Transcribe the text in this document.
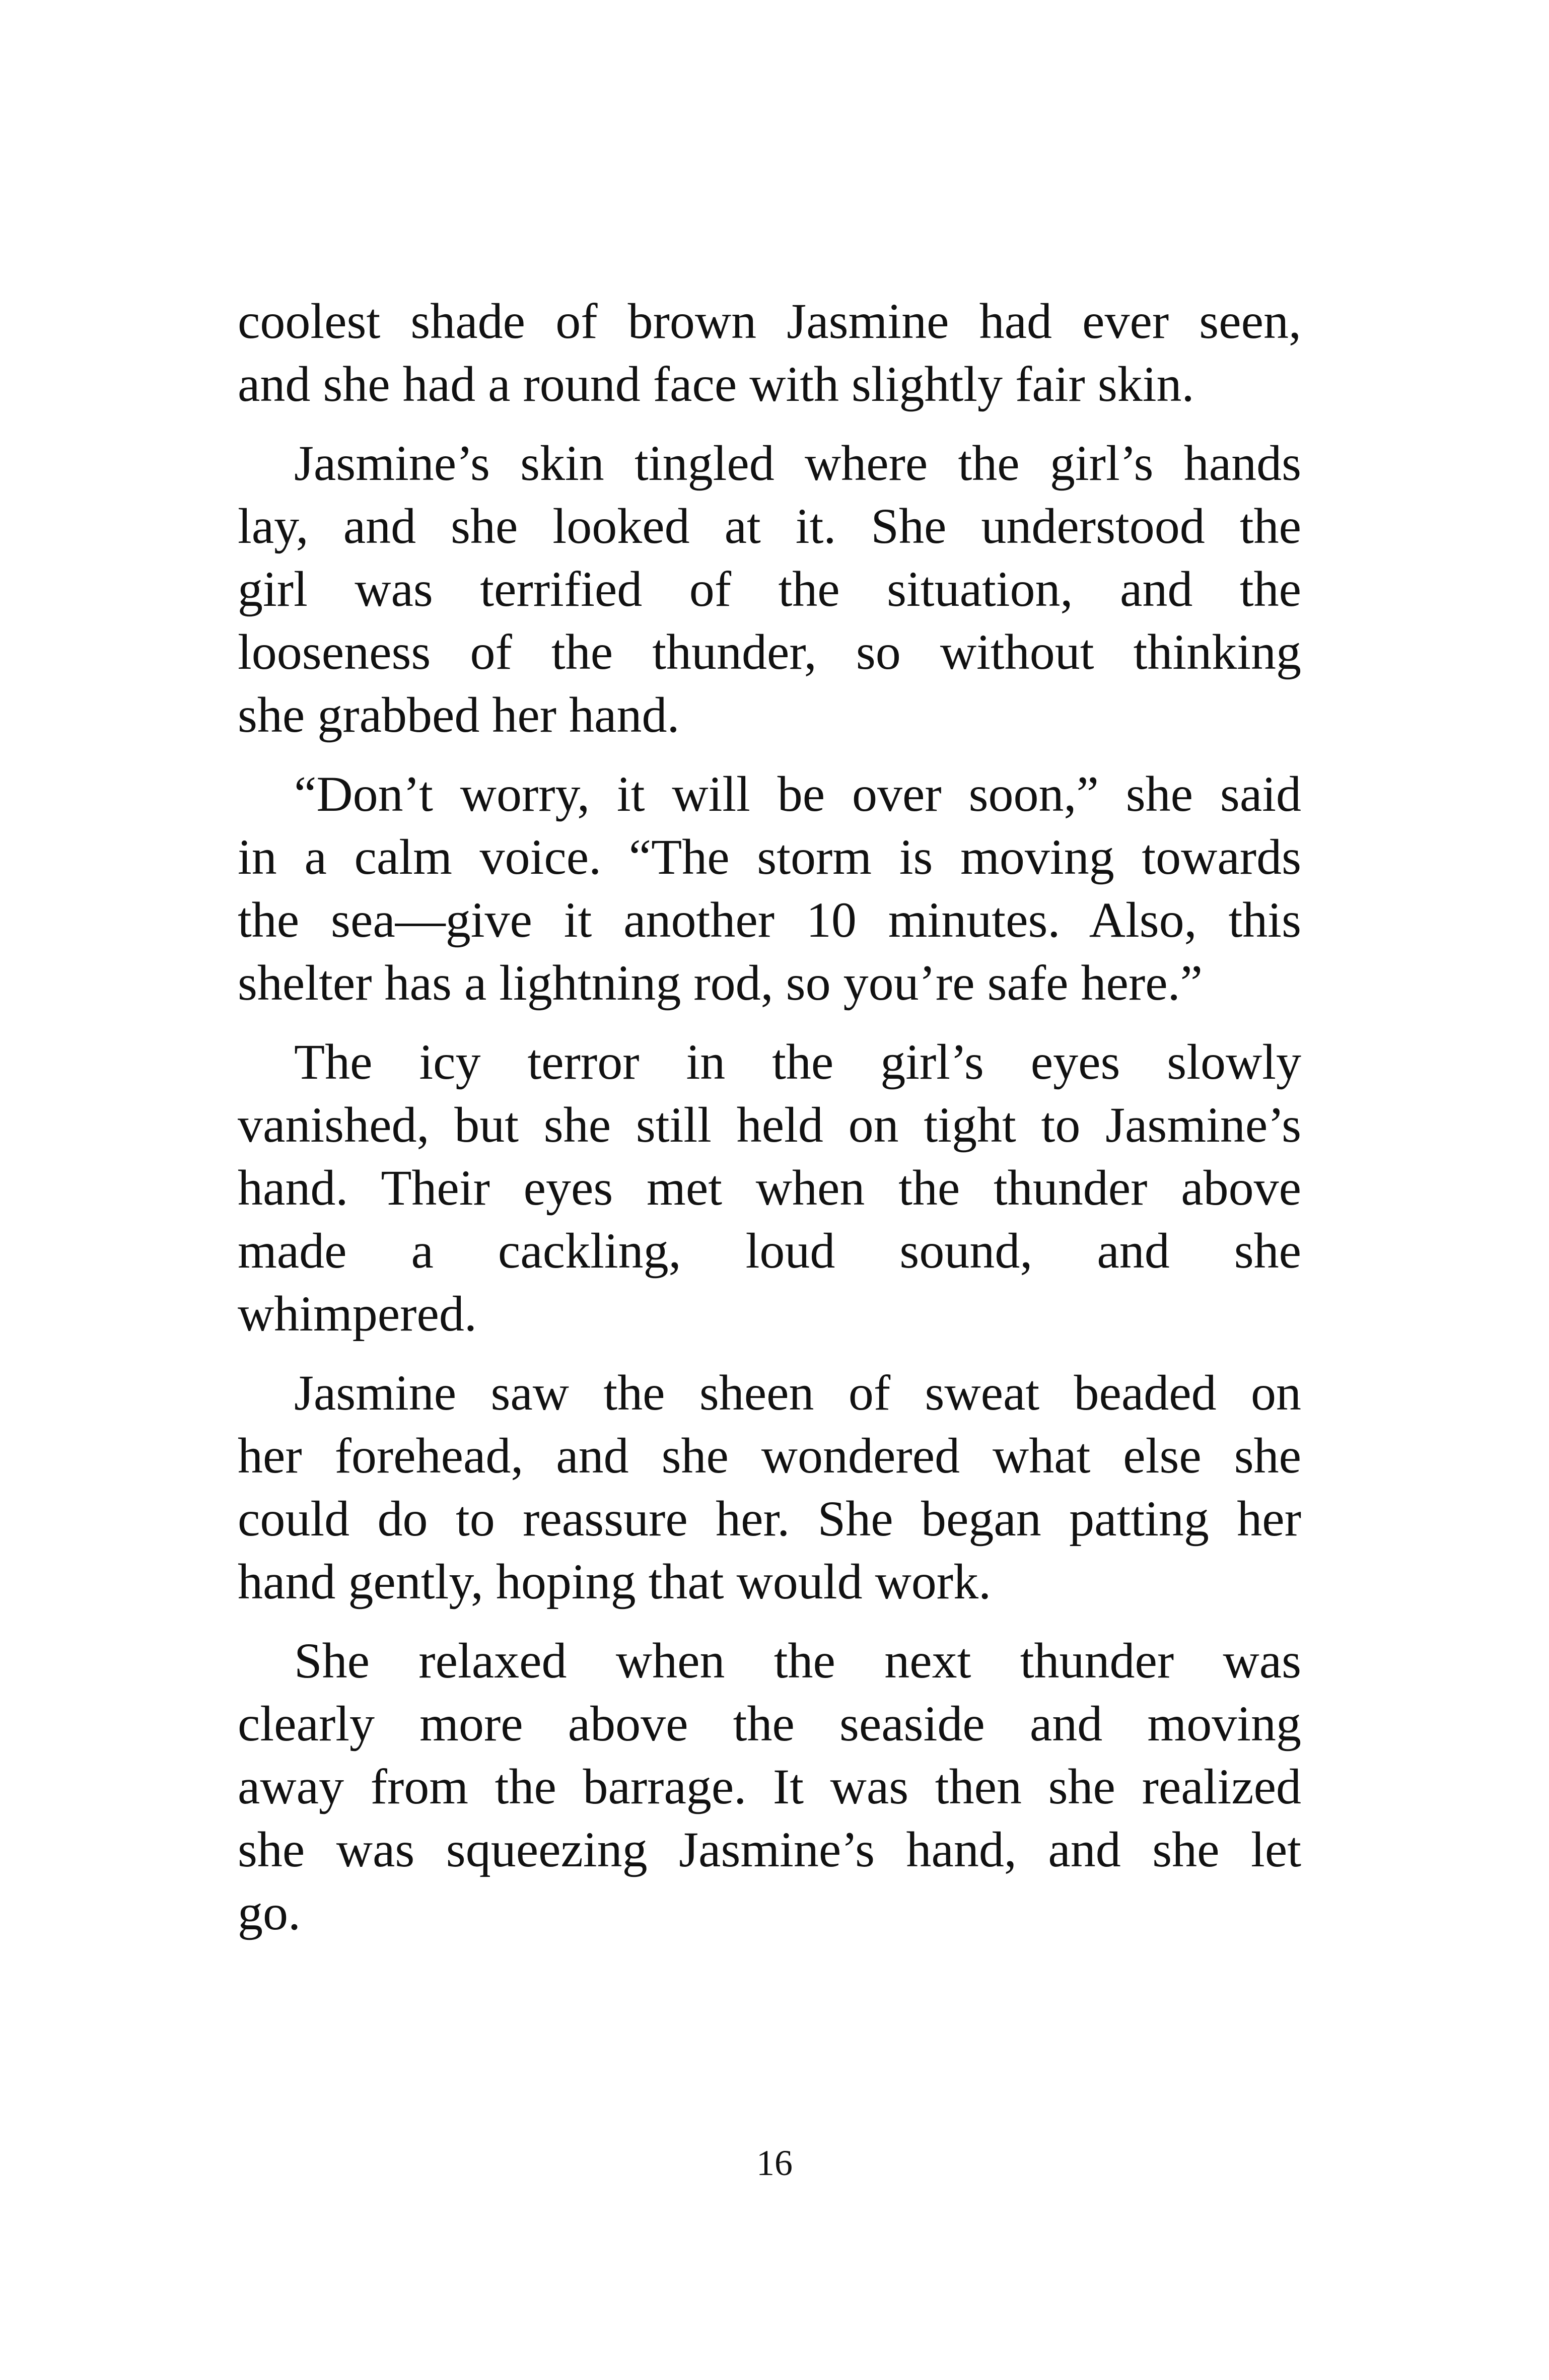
coolest shade of brown Jasmine had ever seen,
and she had a round face with slightly fair skin.
Jasmine’s skin tingled where the girl’s hands
lay, and she looked at it. She understood the
girl was terrified of the situation, and the
looseness of the thunder, so without thinking
she grabbed her hand.
“Don’t worry, it will be over soon,” she said
in a calm voice. “The storm is moving towards
the sea—give it another 10 minutes. Also, this
shelter has a lightning rod, so you’re safe here.”
The icy terror in the girl’s eyes slowly
vanished, but she still held on tight to Jasmine’s
hand. Their eyes met when the thunder above
made a cackling, loud sound, and she
whimpered.
Jasmine saw the sheen of sweat beaded on
her forehead, and she wondered what else she
could do to reassure her. She began patting her
hand gently, hoping that would work.
She relaxed when the next thunder was
clearly more above the seaside and moving
away from the barrage. It was then she realized
she was squeezing Jasmine’s hand, and she let
go.
16
